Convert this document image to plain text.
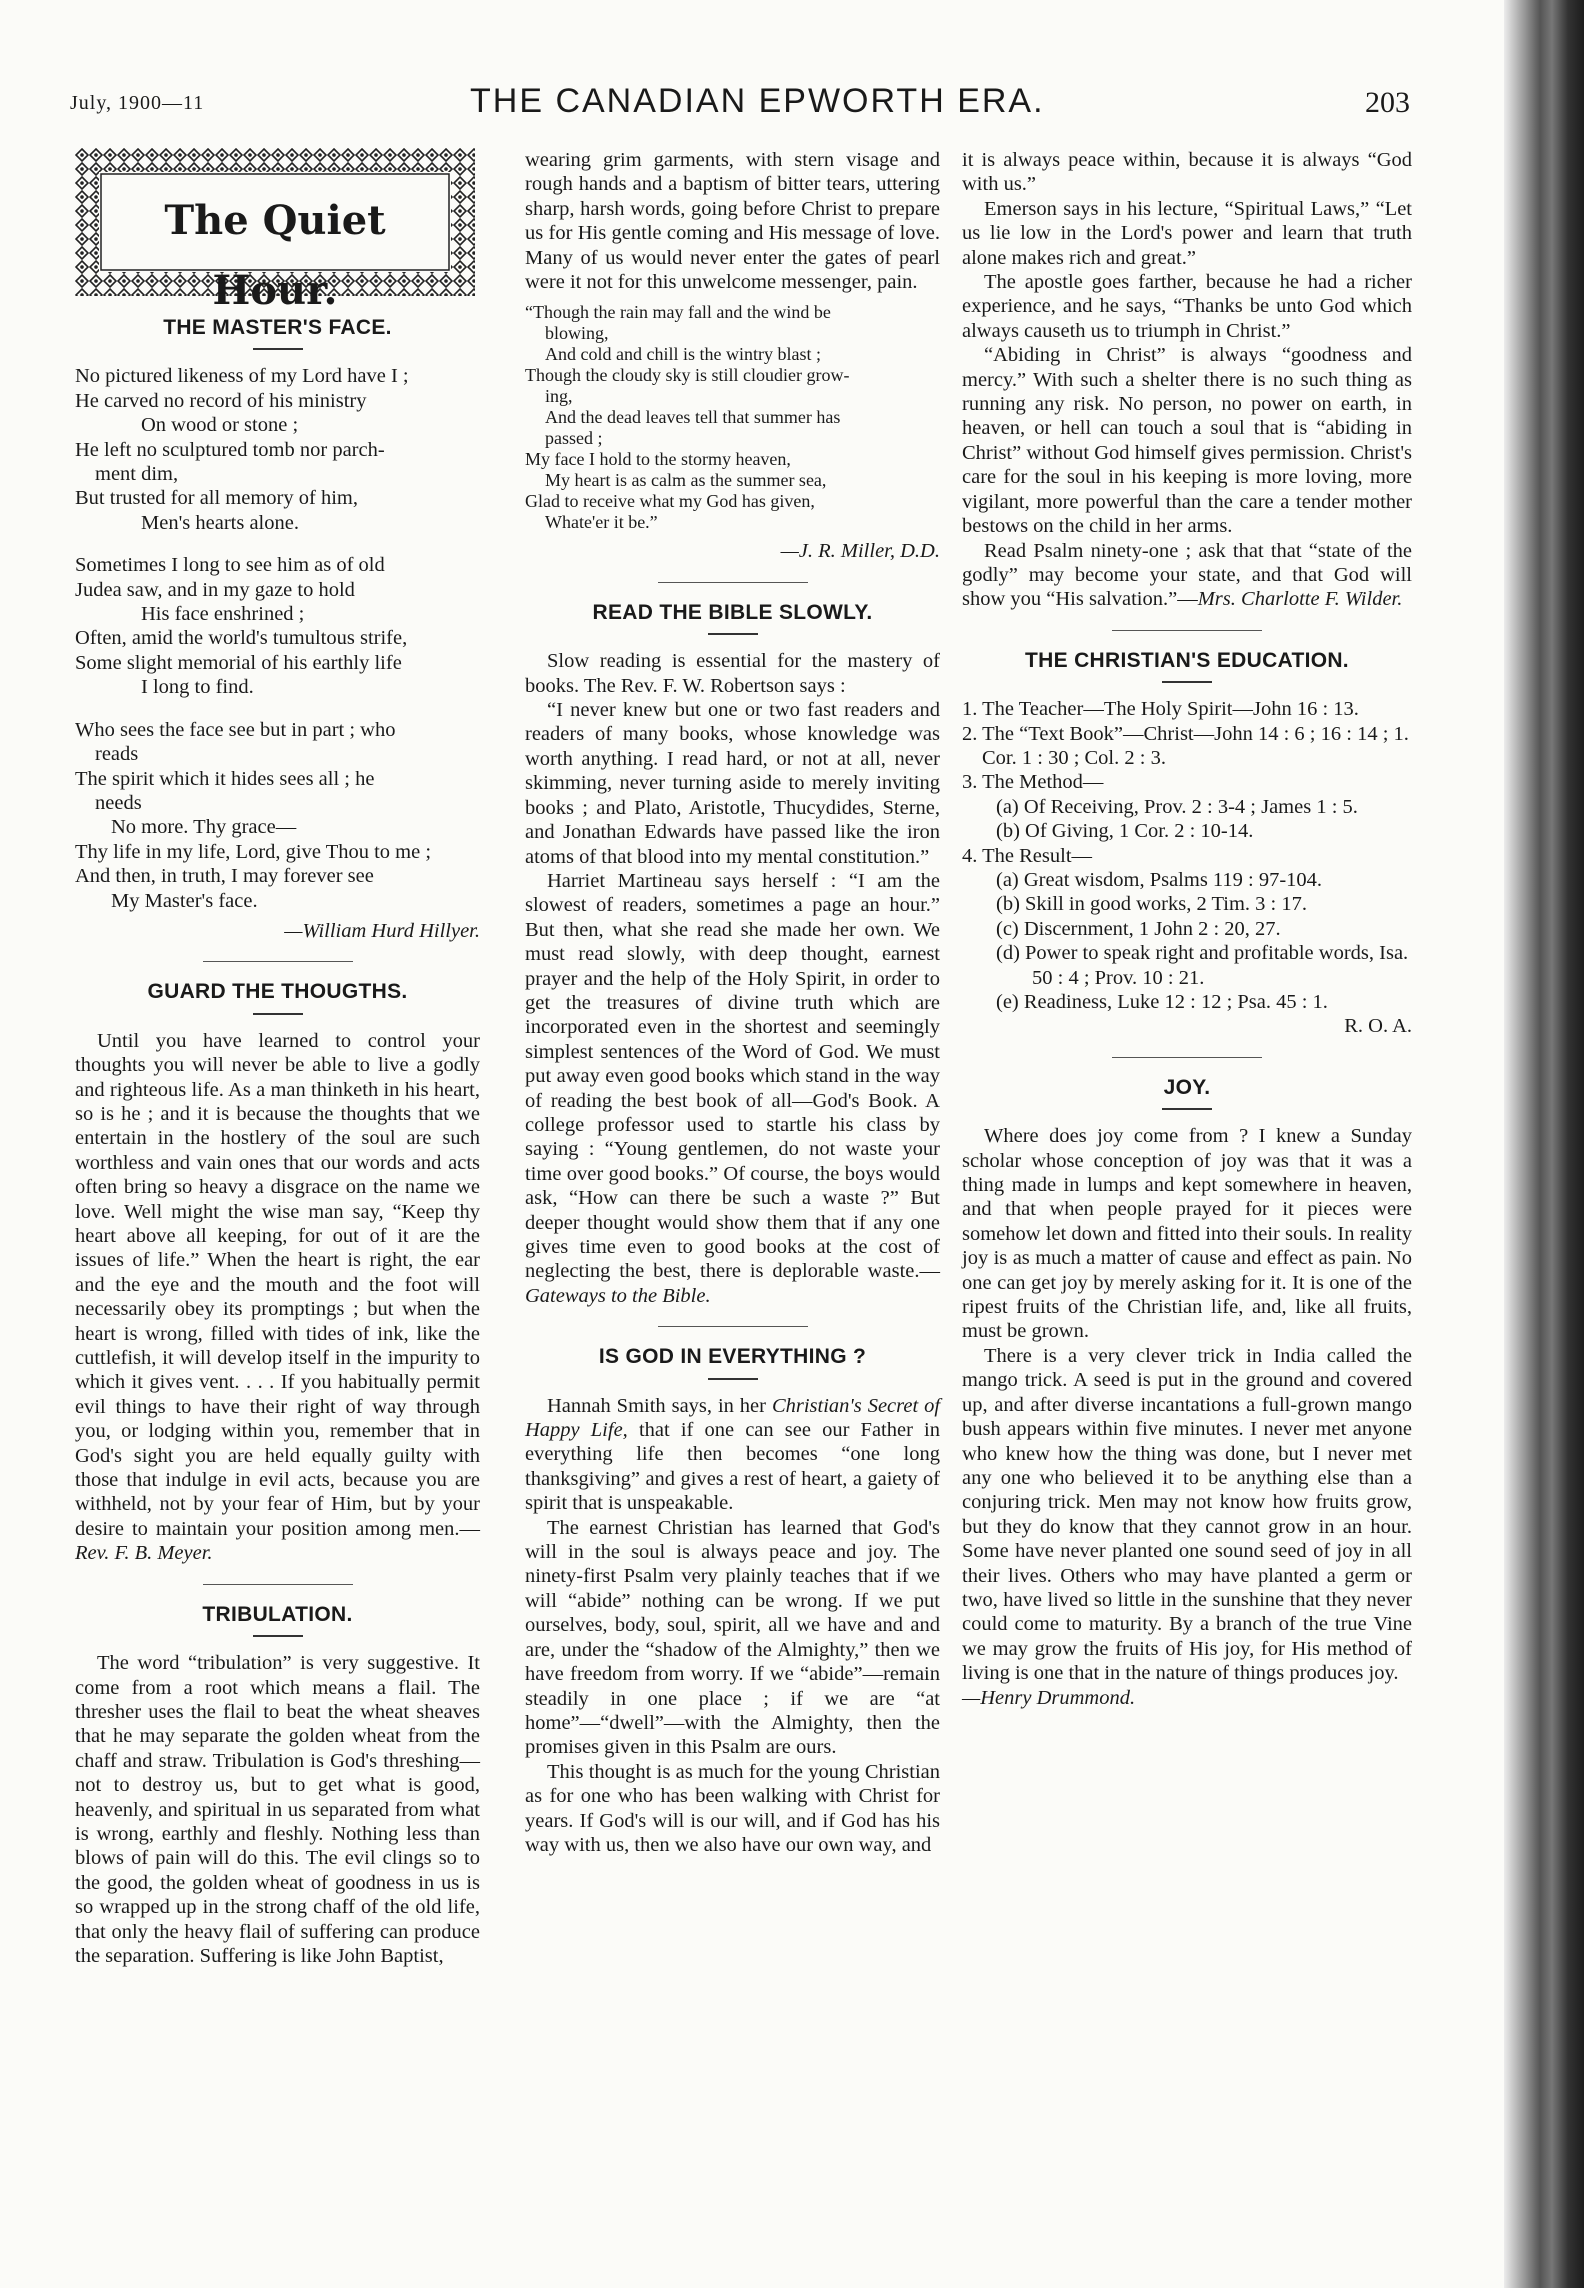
July, 1900—11	THE CANADIAN EPWORTH ERA.	203
The Quiet Hour.
THE MASTER'S FACE.
No pictured likeness of my Lord have I ;
He carved no record of his ministry
On wood or stone ;
He left no sculptured tomb nor parch-
ment dim,
But trusted for all memory of him,
Men's hearts alone.
Sometimes I long to see him as of old
Judea saw, and in my gaze to hold
His face enshrined ;
Often, amid the world's tumultous strife,
Some slight memorial of his earthly life
I long to find.
Who sees the face see but in part ; who
reads
The spirit which it hides sees all ; he
needs
No more. Thy grace—
Thy life in my life, Lord, give Thou to me ;
And then, in truth, I may forever see
My Master's face.
—William Hurd Hillyer.
GUARD THE THOUGTHS.

Until you have learned to control your thoughts you will never be able to live a godly and righteous life. As a man thinketh in his heart, so is he ; and it is because the thoughts that we entertain in the hostlery of the soul are such worthless and vain ones that our words and acts often bring so heavy a disgrace on the name we love. Well might the wise man say, “Keep thy heart above all keeping, for out of it are the issues of life.” When the heart is right, the ear and the eye and the mouth and the foot will necessarily obey its promptings ; but when the heart is wrong, filled with tides of ink, like the cuttlefish, it will develop itself in the impurity to which it gives vent. . . . If you habitually permit evil things to have their right of way through you, or lodging within you, remember that in God's sight you are held equally guilty with those that indulge in evil acts, because you are withheld, not by your fear of Him, but by your desire to maintain your position among men.—Rev. F. B. Meyer.

TRIBULATION.

The word “tribulation” is very suggestive. It come from a root which means a flail. The thresher uses the flail to beat the wheat sheaves that he may separate the golden wheat from the chaff and straw. Tribulation is God's threshing—not to destroy us, but to get what is good, heavenly, and spiritual in us separated from what is wrong, earthly and fleshly. Nothing less than blows of pain will do this. The evil clings so to the good, the golden wheat of goodness in us is so wrapped up in the strong chaff of the old life, that only the heavy flail of suffering can produce the separation. Suffering is like John Baptist,

wearing grim garments, with stern visage and rough hands and a baptism of bitter tears, uttering sharp, harsh words, going before Christ to prepare us for His gentle coming and His message of love. Many of us would never enter the gates of pearl were it not for this unwelcome messenger, pain.

“Though the rain may fall and the wind be
blowing,
And cold and chill is the wintry blast ;
Though the cloudy sky is still cloudier grow-
ing,
And the dead leaves tell that summer has
passed ;
My face I hold to the stormy heaven,
My heart is as calm as the summer sea,
Glad to receive what my God has given,
Whate'er it be.”
—J. R. Miller, D.D.
READ THE BIBLE SLOWLY.

Slow reading is essential for the mastery of books. The Rev. F. W. Robertson says :

“I never knew but one or two fast readers and readers of many books, whose knowledge was worth anything. I read hard, or not at all, never skimming, never turning aside to merely inviting books ; and Plato, Aristotle, Thucydides, Sterne, and Jonathan Edwards have passed like the iron atoms of that blood into my mental constitution.”

Harriet Martineau says herself : “I am the slowest of readers, sometimes a page an hour.” But then, what she read she made her own. We must read slowly, with deep thought, earnest prayer and the help of the Holy Spirit, in order to get the treasures of divine truth which are incorporated even in the shortest and seemingly simplest sentences of the Word of God. We must put away even good books which stand in the way of reading the best book of all—God's Book. A college professor used to startle his class by saying : “Young gentlemen, do not waste your time over good books.” Of course, the boys would ask, “How can there be such a waste ?” But deeper thought would show them that if any one gives time even to good books at the cost of neglecting the best, there is deplorable waste.—Gateways to the Bible.

IS GOD IN EVERYTHING ?

Hannah Smith says, in her Christian's Secret of Happy Life, that if one can see our Father in everything life then becomes “one long thanksgiving” and gives a rest of heart, a gaiety of spirit that is unspeakable.

The earnest Christian has learned that God's will in the soul is always peace and joy. The ninety-first Psalm very plainly teaches that if we will “abide” nothing can be wrong. If we put ourselves, body, soul, spirit, all we have and and are, under the “shadow of the Almighty,” then we have freedom from worry. If we “abide”—remain steadily in one place ; if we are “at home”—“dwell”—with the Almighty, then the promises given in this Psalm are ours.

This thought is as much for the young Christian as for one who has been walking with Christ for years. If God's will is our will, and if God has his way with us, then we also have our own way, and

it is always peace within, because it is always “God with us.”

Emerson says in his lecture, “Spiritual Laws,” “Let us lie low in the Lord's power and learn that truth alone makes rich and great.”

The apostle goes farther, because he had a richer experience, and he says, “Thanks be unto God which always causeth us to triumph in Christ.”

“Abiding in Christ” is always “goodness and mercy.” With such a shelter there is no such thing as running any risk. No person, no power on earth, in heaven, or hell can touch a soul that is “abiding in Christ” without God himself gives permission. Christ's care for the soul in his keeping is more loving, more vigilant, more powerful than the care a tender mother bestows on the child in her arms.

Read Psalm ninety-one ; ask that that “state of the godly” may become your state, and that God will show you “His salvation.”—Mrs. Charlotte F. Wilder.

THE CHRISTIAN'S EDUCATION.
1. The Teacher—The Holy Spirit—John 16 : 13.
2. The “Text Book”—Christ—John 14 : 6 ; 16 : 14 ; 1. Cor. 1 : 30 ; Col. 2 : 3.
3. The Method—
(a) Of Receiving, Prov. 2 : 3-4 ; James 1 : 5.
(b) Of Giving, 1 Cor. 2 : 10-14.
4. The Result—
(a) Great wisdom, Psalms 119 : 97-104.
(b) Skill in good works, 2 Tim. 3 : 17.
(c) Discernment, 1 John 2 : 20, 27.
(d) Power to speak right and profitable words, Isa. 50 : 4 ; Prov. 10 : 21.
(e) Readiness, Luke 12 : 12 ; Psa. 45 : 1.
R. O. A.
JOY.

Where does joy come from ? I knew a Sunday scholar whose conception of joy was that it was a thing made in lumps and kept somewhere in heaven, and that when people prayed for it pieces were somehow let down and fitted into their souls. In reality joy is as much a matter of cause and effect as pain. No one can get joy by merely asking for it. It is one of the ripest fruits of the Christian life, and, like all fruits, must be grown.

There is a very clever trick in India called the mango trick. A seed is put in the ground and covered up, and after diverse incantations a full-grown mango bush appears within five minutes. I never met anyone who knew how the thing was done, but I never met any one who believed it to be anything else than a conjuring trick. Men may not know how fruits grow, but they do know that they cannot grow in an hour. Some have never planted one sound seed of joy in all their lives. Others who may have planted a germ or two, have lived so little in the sunshine that they never could come to maturity. By a branch of the true Vine we may grow the fruits of His joy, for His method of living is one that in the nature of things produces joy.

—Henry Drummond.
